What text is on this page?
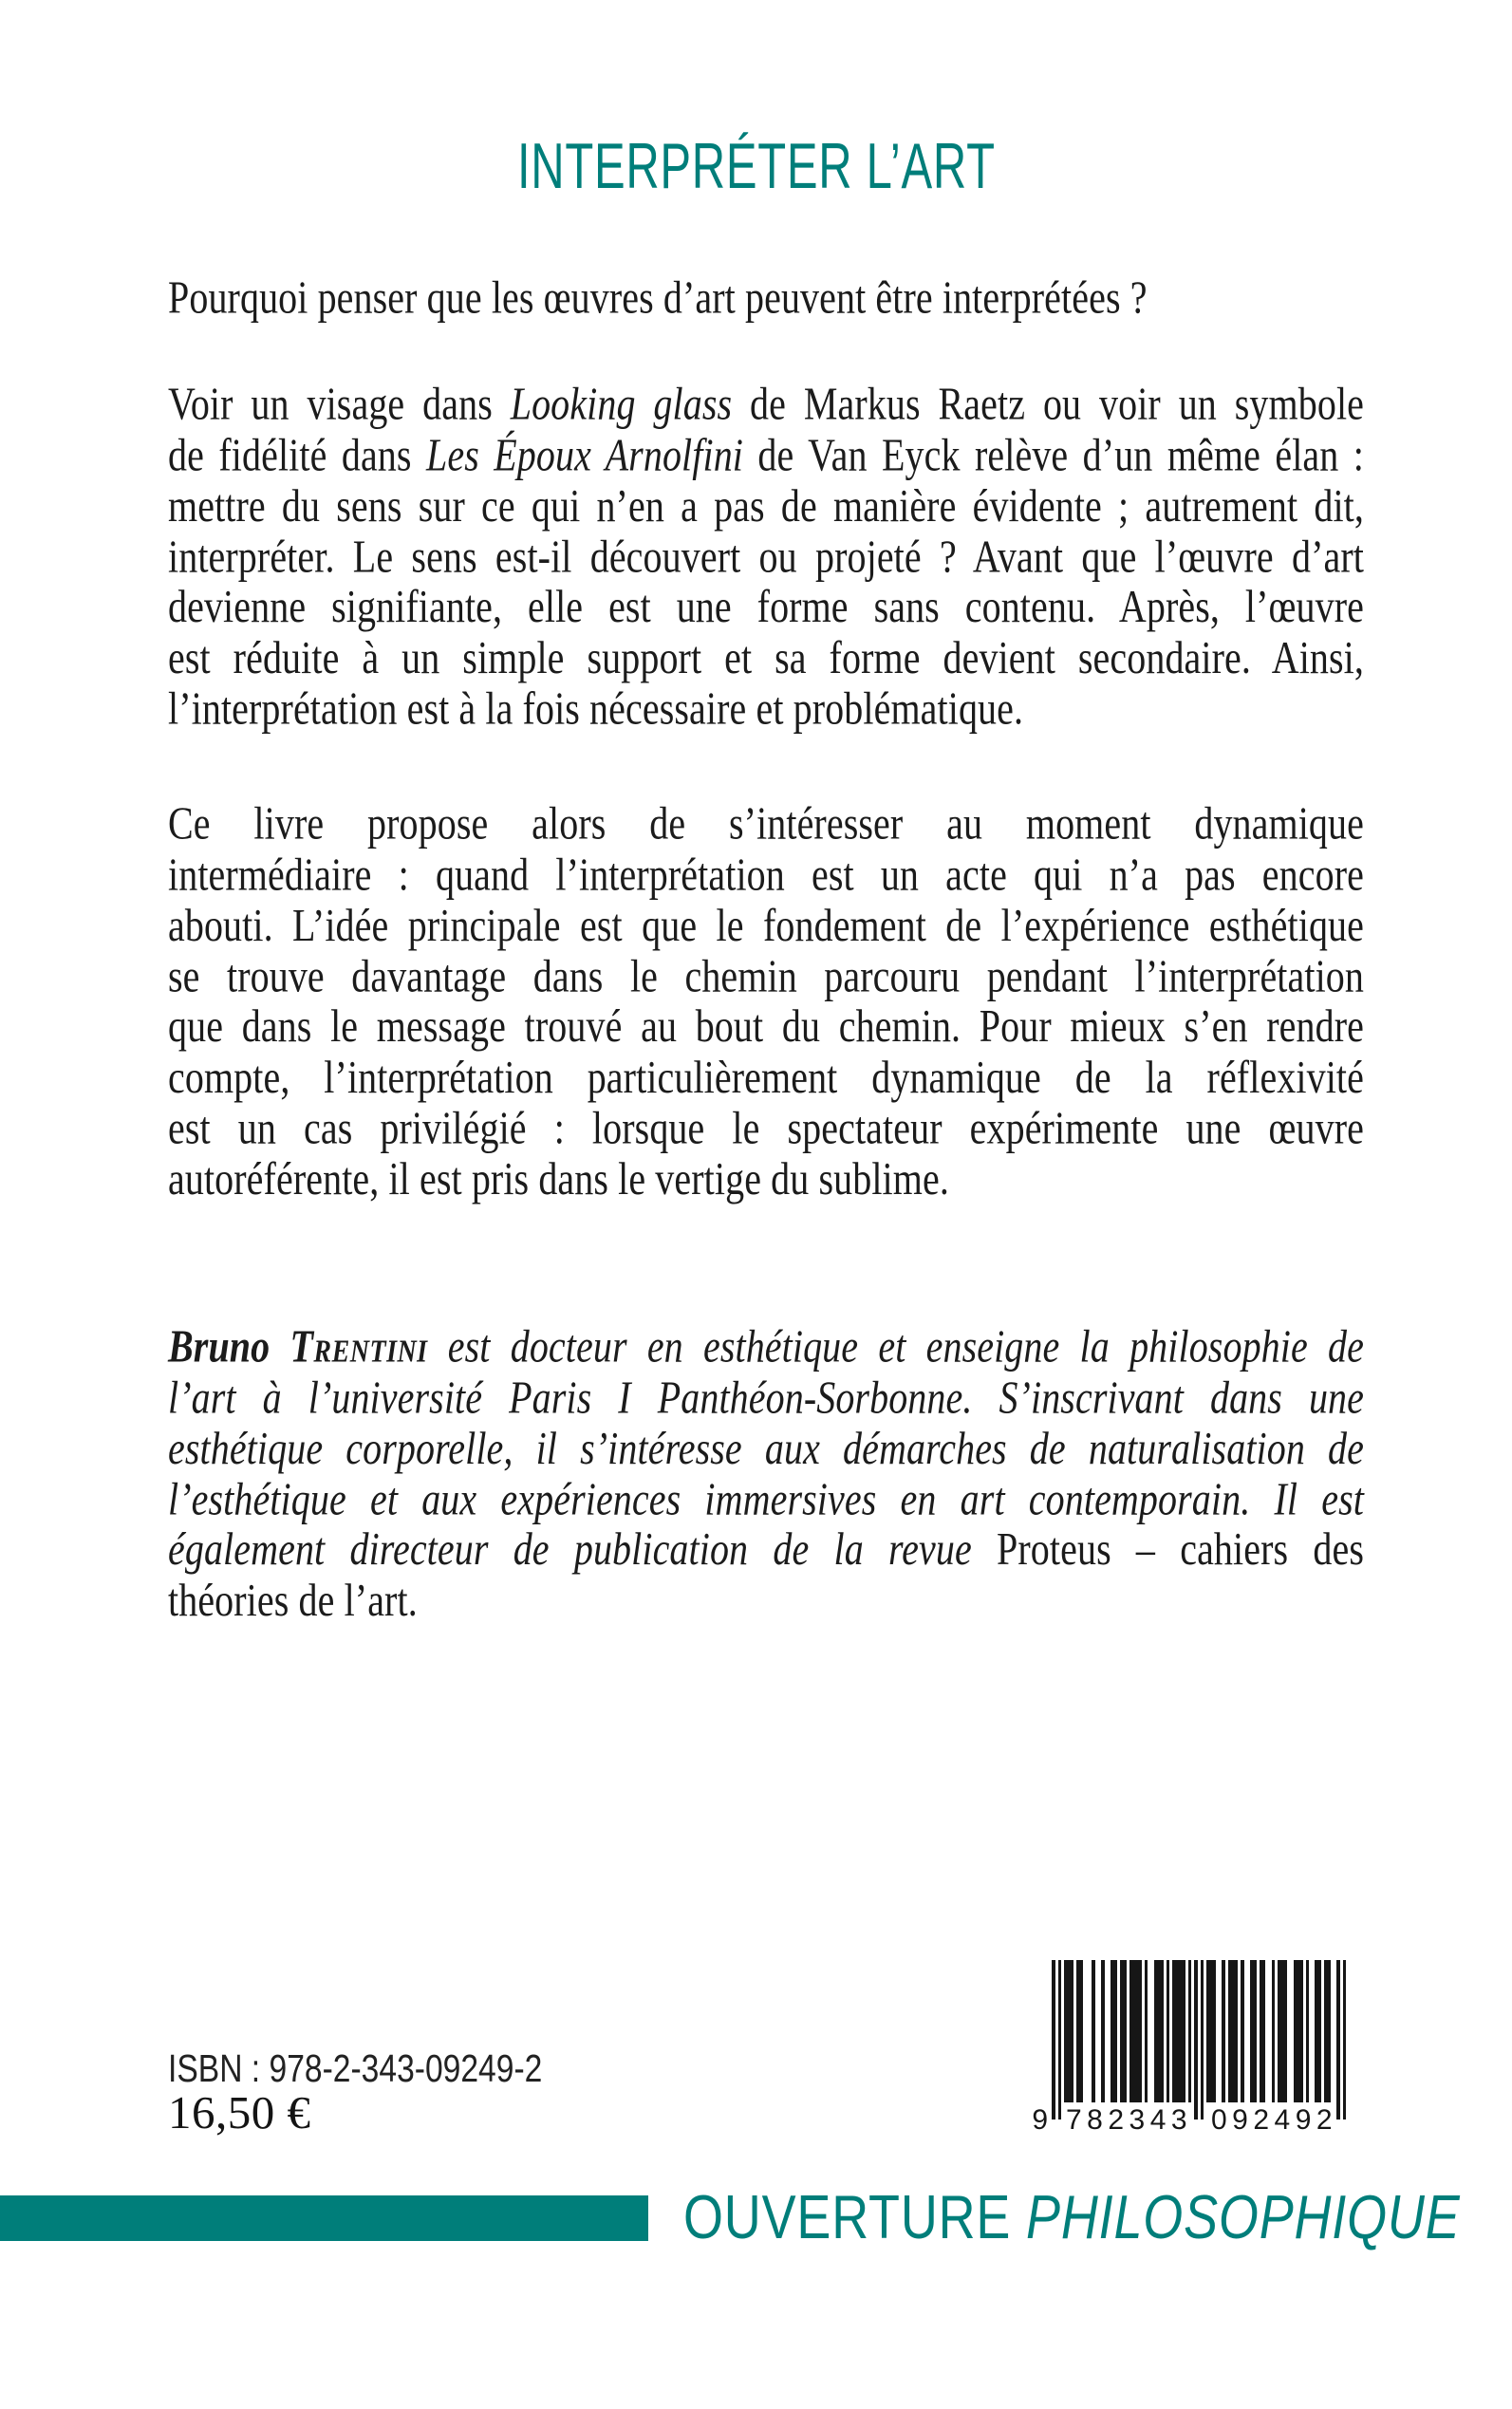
INTERPRÉTER L’ART
Pourquoi penser que les œuvres d’art peuvent être interprétées ?
Voir un visage dans Looking glass de Markus Raetz ou voir un symbole
de fidélité dans Les Époux Arnolfini de Van Eyck relève d’un même élan :
mettre du sens sur ce qui n’en a pas de manière évidente ; autrement dit,
interpréter. Le sens est-il découvert ou projeté ? Avant que l’œuvre d’art
devienne signifiante, elle est une forme sans contenu. Après, l’œuvre
est réduite à un simple support et sa forme devient secondaire. Ainsi,
l’interprétation est à la fois nécessaire et problématique.
Ce livre propose alors de s’intéresser au moment dynamique
intermédiaire : quand l’interprétation est un acte qui n’a pas encore
abouti. L’idée principale est que le fondement de l’expérience esthétique
se trouve davantage dans le chemin parcouru pendant l’interprétation
que dans le message trouvé au bout du chemin. Pour mieux s’en rendre
compte, l’interprétation particulièrement dynamique de la réflexivité
est un cas privilégié : lorsque le spectateur expérimente une œuvre
autoréférente, il est pris dans le vertige du sublime.
Bruno Trentini est docteur en esthétique et enseigne la philosophie de
l’art à l’université Paris I Panthéon-Sorbonne. S’inscrivant dans une
esthétique corporelle, il s’intéresse aux démarches de naturalisation de
l’esthétique et aux expériences immersives en art contemporain. Il est
également directeur de publication de la revue Proteus – cahiers des
théories de l’art.
ISBN : 978-2-343-09249-2
16,50 €	9 782343 092492
OUVERTURE PHILOSOPHIQUE
